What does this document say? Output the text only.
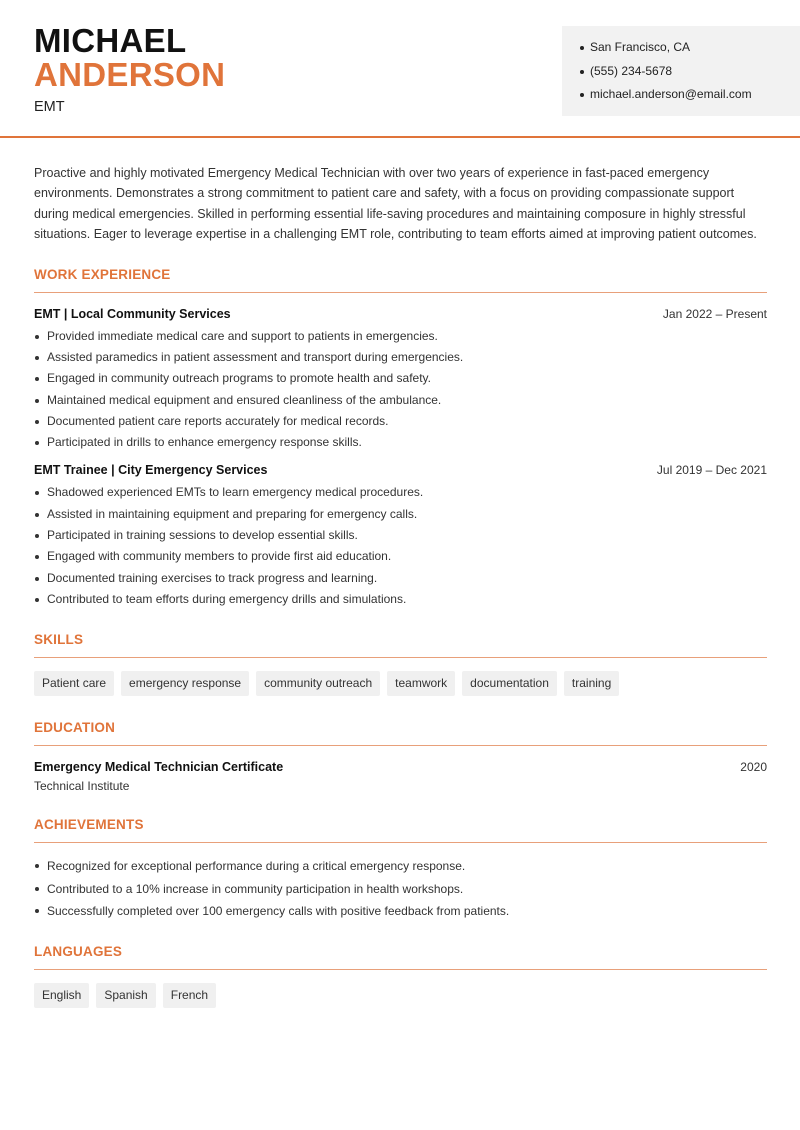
MICHAEL
ANDERSON
EMT
San Francisco, CA
(555) 234-5678
michael.anderson@email.com

Proactive and highly motivated Emergency Medical Technician with over two years of experience in fast-paced emergency environments. Demonstrates a strong commitment to patient care and safety, with a focus on providing compassionate support during medical emergencies. Skilled in performing essential life-saving procedures and maintaining composure in highly stressful situations. Eager to leverage expertise in a challenging EMT role, contributing to team efforts aimed at improving patient outcomes.

WORK EXPERIENCE
EMT | Local Community Services	Jan 2022 – Present
Provided immediate medical care and support to patients in emergencies.
Assisted paramedics in patient assessment and transport during emergencies.
Engaged in community outreach programs to promote health and safety.
Maintained medical equipment and ensured cleanliness of the ambulance.
Documented patient care reports accurately for medical records.
Participated in drills to enhance emergency response skills.
EMT Trainee | City Emergency Services	Jul 2019 – Dec 2021
Shadowed experienced EMTs to learn emergency medical procedures.
Assisted in maintaining equipment and preparing for emergency calls.
Participated in training sessions to develop essential skills.
Engaged with community members to provide first aid education.
Documented training exercises to track progress and learning.
Contributed to team efforts during emergency drills and simulations.
SKILLS
Patient care	emergency response	community outreach	teamwork	documentation	training
EDUCATION
Emergency Medical Technician Certificate	2020
Technical Institute
ACHIEVEMENTS
Recognized for exceptional performance during a critical emergency response.
Contributed to a 10% increase in community participation in health workshops.
Successfully completed over 100 emergency calls with positive feedback from patients.
LANGUAGES
English	Spanish	French
